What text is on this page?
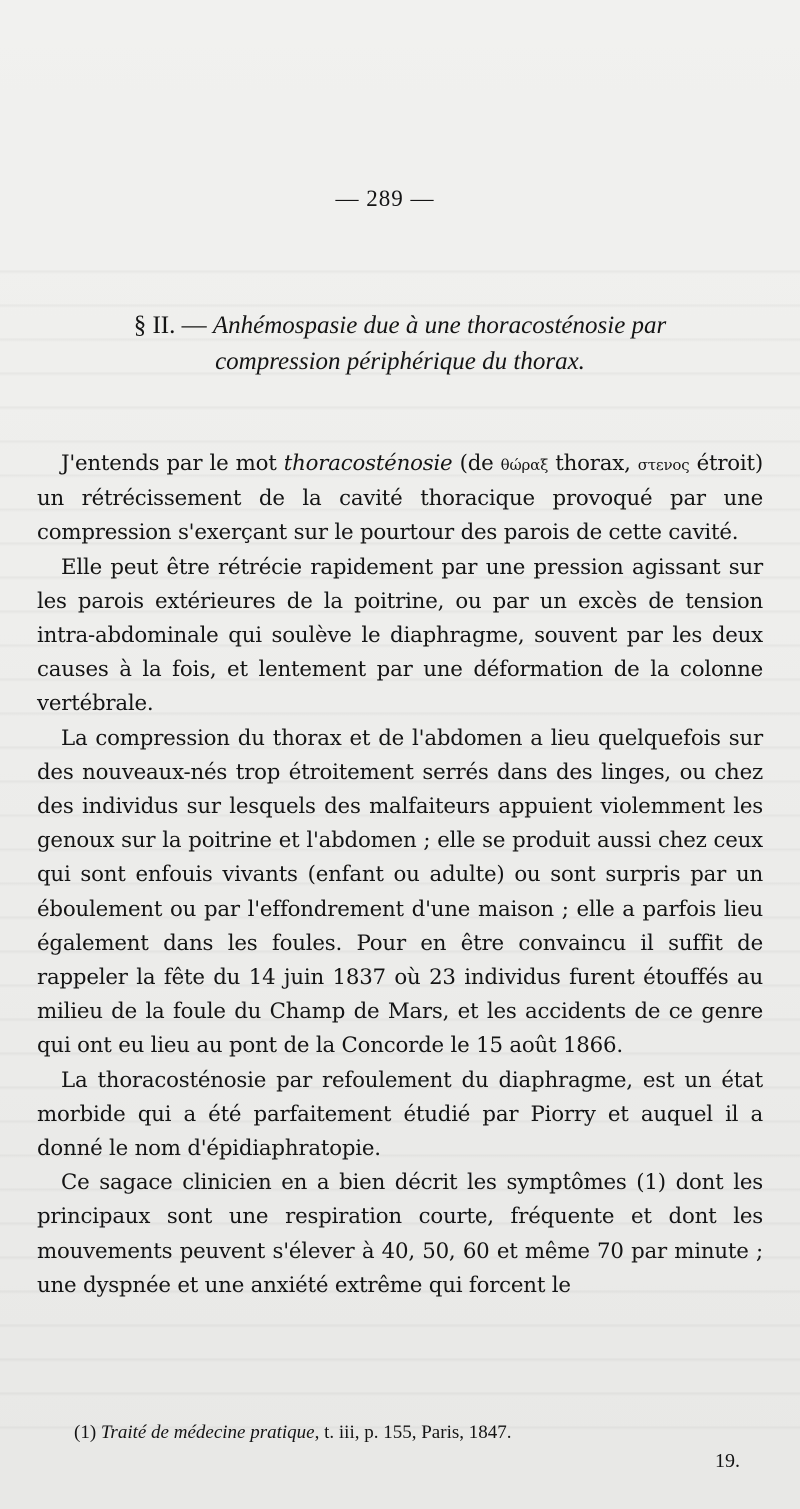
— 289 —
§ II. — Anhémospasie due à une thoracosténosie par
compression périphérique du thorax.

J'entends par le mot thoracosténosie (de θώραξ thorax, στενος étroit) un rétrécissement de la cavité thoracique provoqué par une compression s'exerçant sur le pourtour des parois de cette cavité.

Elle peut être rétrécie rapidement par une pression agissant sur les parois extérieures de la poitrine, ou par un excès de tension intra-abdominale qui soulève le diaphragme, souvent par les deux causes à la fois, et lentement par une déformation de la colonne vertébrale.

La compression du thorax et de l'abdomen a lieu quelquefois sur des nouveaux-nés trop étroitement serrés dans des linges, ou chez des individus sur lesquels des malfaiteurs appuient violemment les genoux sur la poitrine et l'abdomen ; elle se produit aussi chez ceux qui sont enfouis vivants (enfant ou adulte) ou sont surpris par un éboulement ou par l'effondrement d'une maison ; elle a parfois lieu également dans les foules. Pour en être convaincu il suffit de rappeler la fête du 14 juin 1837 où 23 individus furent étouffés au milieu de la foule du Champ de Mars, et les accidents de ce genre qui ont eu lieu au pont de la Concorde le 15 août 1866.

La thoracosténosie par refoulement du diaphragme, est un état morbide qui a été parfaitement étudié par Piorry et auquel il a donné le nom d'épidiaphratopie.

Ce sagace clinicien en a bien décrit les symptômes (1) dont les principaux sont une respiration courte, fréquente et dont les mouvements peuvent s'élever à 40, 50, 60 et même 70 par minute ; une dyspnée et une anxiété extrême qui forcent le

(1) Traité de médecine pratique, t. iii, p. 155, Paris, 1847.
19.
